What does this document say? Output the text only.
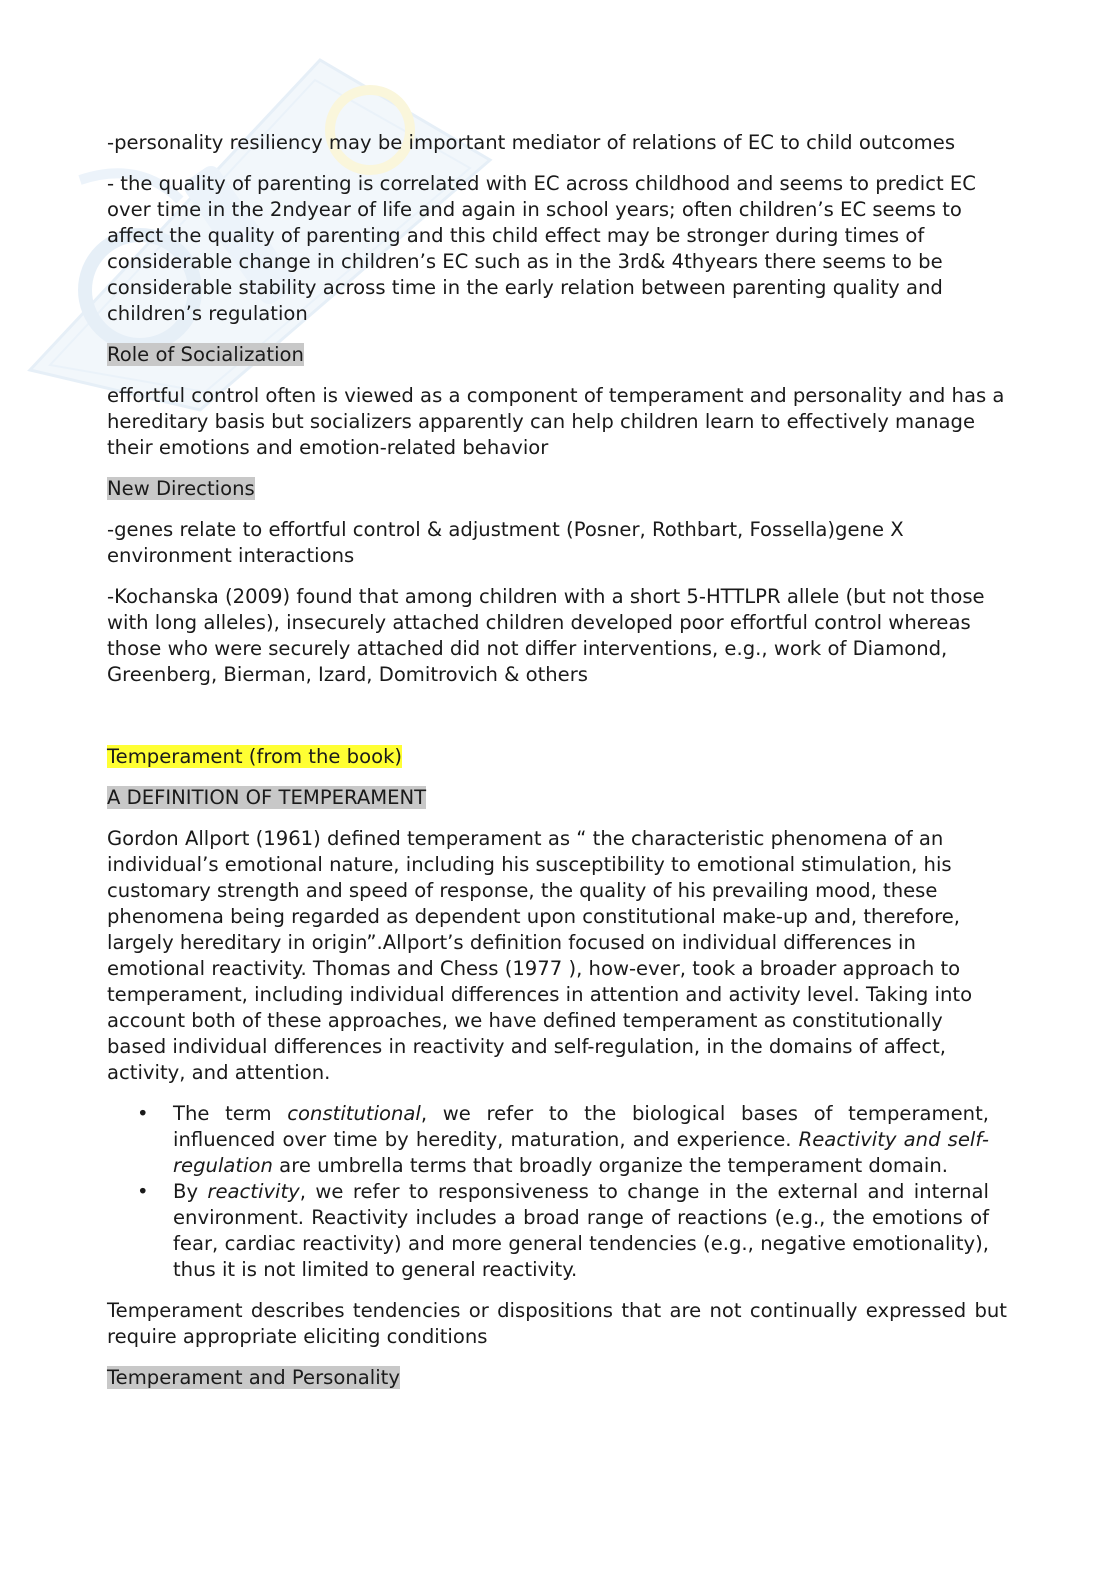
-personality resiliency may be important mediator of relations of EC to child outcomes

- the quality of parenting is correlated with EC across childhood and seems to predict EC over time in the 2ndyear of life and again in school years; often children’s EC seems to affect the quality of parenting and this child effect may be stronger during times of considerable change in children’s EC such as in the 3rd& 4thyears there seems to be considerable stability across time in the early relation between parenting quality and children’s regulation

Role of Socialization

effortful control often is viewed as a component of temperament and personality and has a hereditary basis but socializers apparently can help children learn to effectively manage their emotions and emotion-related behavior

New Directions

-genes relate to effortful control & adjustment (Posner, Rothbart, Fossella)gene X environment interactions

-Kochanska (2009) found that among children with a short 5-HTTLPR allele (but not those with long alleles), insecurely attached children developed poor effortful control whereas those who were securely attached did not differ interventions, e.g., work of Diamond, Greenberg, Bierman, Izard, Domitrovich & others

Temperament (from the book)

A DEFINITION OF TEMPERAMENT

Gordon Allport (1961) defined temperament as “ the characteristic phenomena of an individual’s emotional nature, including his susceptibility to emotional stimulation, his customary strength and speed of response, the quality of his prevailing mood, these phenomena being regarded as dependent upon constitutional make-up and, therefore, largely hereditary in origin”.Allport’s definition focused on individual differences in emotional reactivity. Thomas and Chess (1977 ), how-ever, took a broader approach to temperament, including individual differences in attention and activity level. Taking into account both of these approaches, we have defined temperament as constitutionally based individual differences in reactivity and self-regulation, in the domains of affect, activity, and attention.

• The term constitutional, we refer to the biological bases of temperament, influenced over time by heredity, maturation, and experience. Reactivity and self-regulation are umbrella terms that broadly organize the temperament domain.
• By reactivity, we refer to responsiveness to change in the external and internal environment. Reactivity includes a broad range of reactions (e.g., the emotions of fear, cardiac reactivity) and more general tendencies (e.g., negative emotionality), thus it is not limited to general reactivity.

Temperament describes tendencies or dispositions that are not continually expressed but require appropriate eliciting conditions

Temperament and Personality
